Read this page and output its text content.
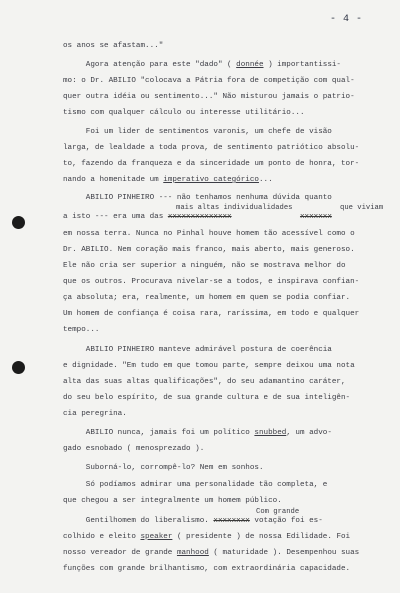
- 4 -
os anos se afastam..."
Agora atenção para este "dado" ( donnée ) importantissi-
mo: o Dr. ABILIO "colocava a Pátria fora de competição com qual-
quer outra idéia ou sentimento..." Não misturou jamais o patrio-
tismo com qualquer cálculo ou interesse utilitário...
Foi um lider de sentimentos varonis, um chefe de visão
larga, de lealdade a toda prova, de sentimento patriótico absolu-
to, fazendo da franqueza e da sinceridade um ponto de honra, tor-
nando a homenitade um imperativo categórico...
ABILIO PINHEIRO --- não tenhamos nenhuma dúvida quanto
a isto --- era uma das xxxxxxxxxxxxxx	xxxxxxx
em nossa terra. Nunca no Pinhal houve homem tão acessível como o
Dr. ABILIO. Nem coração mais franco, mais aberto, mais generoso.
Ele não cria ser superior a ninguém, não se mostrava melhor do
que os outros. Procurava nivelar-se a todos, e inspirava confian-
ça absoluta; era, realmente, um homem em quem se podia confiar.
Um homem de confiança é coisa rara, raríssima, em todo e qualquer
tempo...
ABILIO PINHEIRO manteve admirável postura de coerência
e dignidade. "Em tudo em que tomou parte, sempre deixou uma nota
alta das suas altas qualificações", do seu adamantino caráter,
do seu belo espírito, de sua grande cultura e de sua inteligên-
cia peregrina.
ABILIO nunca, jamais foi um político snubbed, um advo-
gado esnobado ( menosprezado ).
Suborná-lo, corrompê-lo? Nem em sonhos.
Só podíamos admirar uma personalidade tão completa, e
que chegou a ser integralmente um homem público.
Gentilhomem do liberalismo. xxxxxxxx votação foi es-
colhido e eleito speaker ( presidente ) de nossa Edilidade. Foi
nosso vereador de grande manhood ( maturidade ). Desempenhou suas
funções com grande brilhantismo, com extraordinária capacidade.
mais altas individualidades	que viviam
Com grande
